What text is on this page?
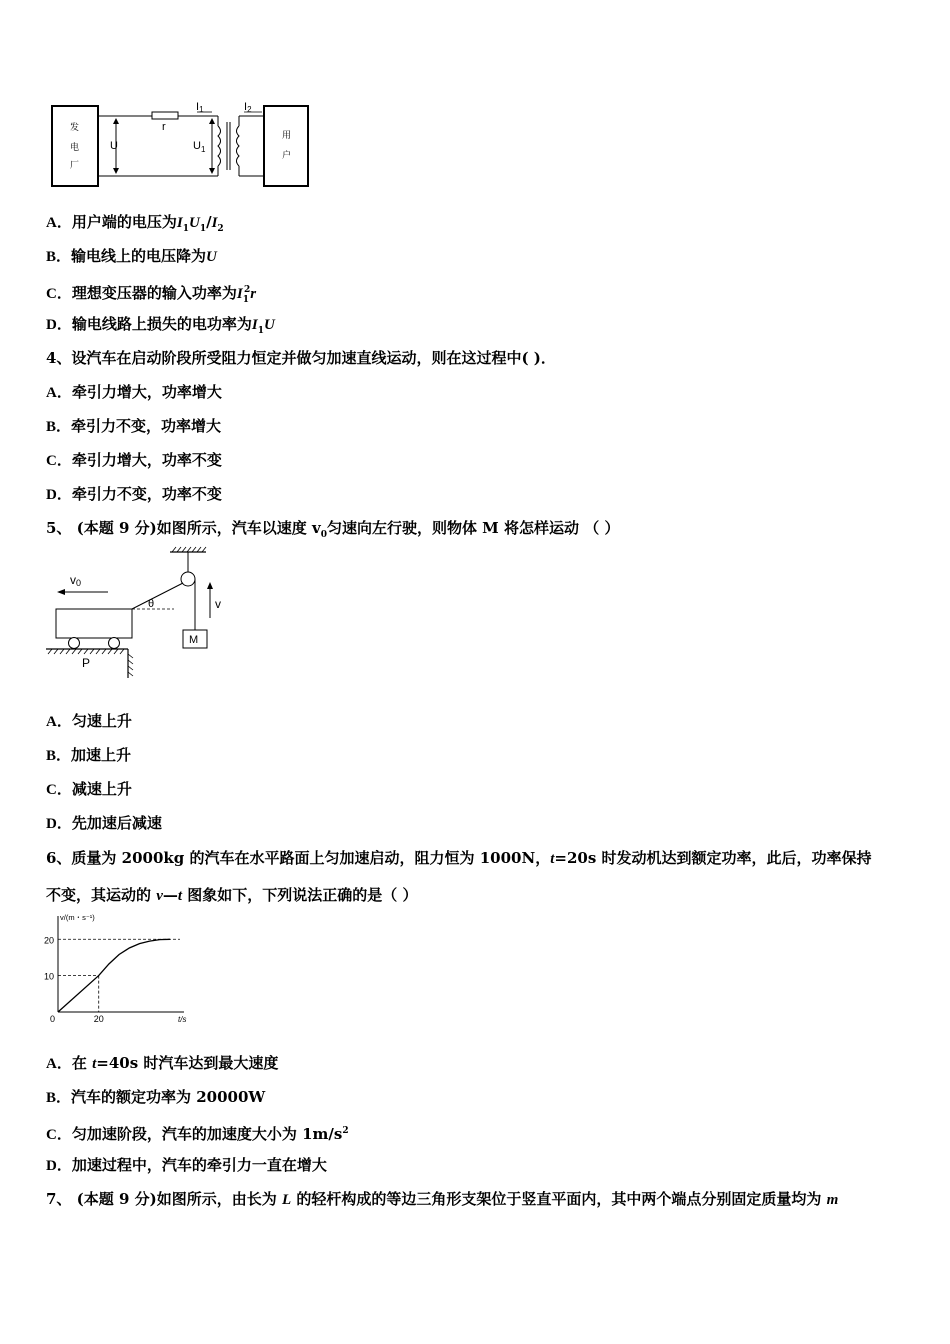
发
电
厂
r
U	$U_1$
I1	I2
用
户
A．用户端的电压为$I_1U_1/I_2$
B．输电线上的电压降为U
C．理想变压器的输入功率为$I_1^2r$
D．输电线路上损失的电功率为$I_1U$
4、设汽车在启动阶段所受阻力恒定并做匀加速直线运动，则在这过程中( )．
A．牵引力增大，功率增大
B．牵引力不变，功率增大
C．牵引力增大，功率不变
D．牵引力不变，功率不变
5、 (本题 9 分)如图所示，汽车以速度 $v_0$匀速向左行驶，则物体 M 将怎样运动 （ ）
M
v
θ
P
v0
A．匀速上升
B．加速上升
C．减速上升
D．先加速后减速
6、质量为 2000kg 的汽车在水平路面上匀加速启动，阻力恒为 1000N，t=20s 时发动机达到额定功率，此后，功率保持
不变，其运动的 v—t 图象如下，下列说法正确的是（ ）
20
10
0	20
v/(m・s⁻¹)
t/s
A．在 t=40s 时汽车达到最大速度
B．汽车的额定功率为 20000W
C．匀加速阶段，汽车的加速度大小为 $1m/s^2$
D．加速过程中，汽车的牵引力一直在增大
7、 (本题 9 分)如图所示，由长为 L 的轻杆构成的等边三角形支架位于竖直平面内，其中两个端点分别固定质量均为 m
